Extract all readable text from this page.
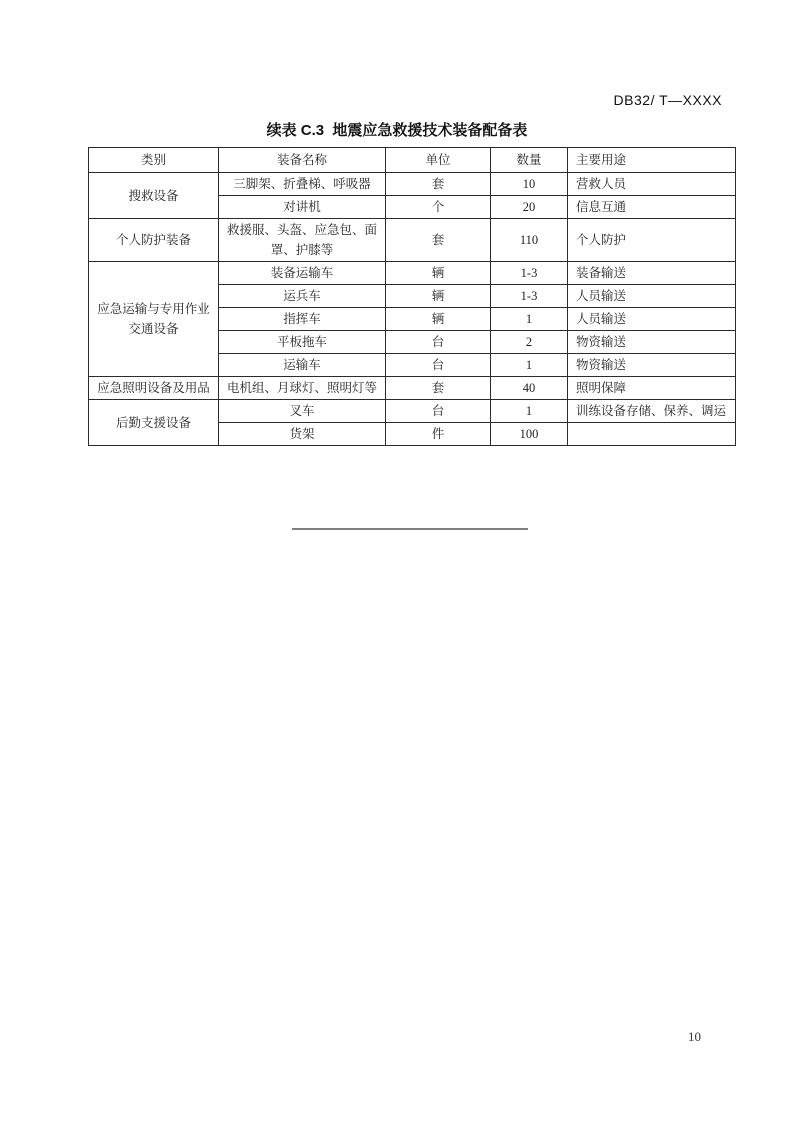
DB32/ T—XXXX
续表 C.3  地震应急救援技术装备配备表
类别	装备名称	单位	数量	主要用途
搜救设备	三脚架、折叠梯、呼吸器	套	10	营救人员
	对讲机	个	20	信息互通
个人防护装备	救援服、头盔、应急包、面罩、护膝等	套	110	个人防护
应急运输与专用作业交通设备	装备运输车	辆	1-3	装备输送
	运兵车	辆	1-3	人员输送
	指挥车	辆	1	人员输送
	平板拖车	台	2	物资输送
	运输车	台	1	物资输送
应急照明设备及用品	电机组、月球灯、照明灯等	套	40	照明保障
后勤支援设备	叉车	台	1	训练设备存储、保养、调运
	货架	件	100	
10
